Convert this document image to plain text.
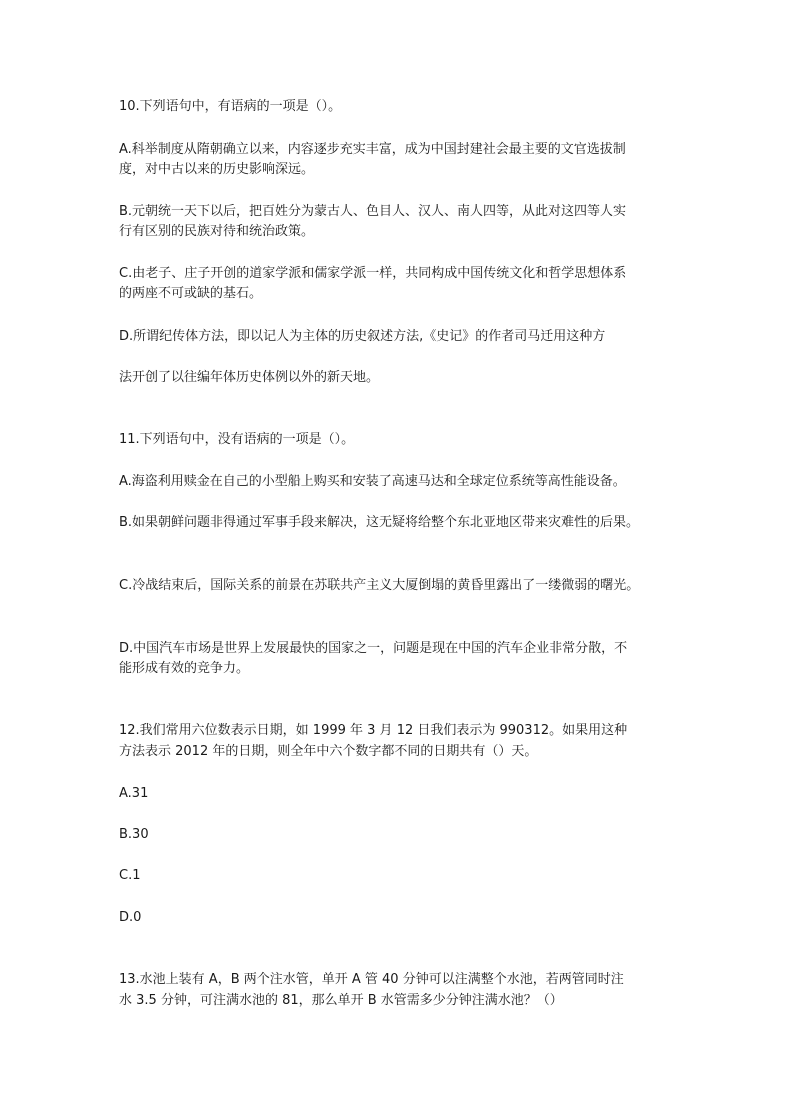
10.下列语句中，有语病的一项是（）。
A.科举制度从隋朝确立以来，内容逐步充实丰富，成为中国封建社会最主要的文官选拔制
度，对中古以来的历史影响深远。
B.元朝统一天下以后，把百姓分为蒙古人、色目人、汉人、南人四等，从此对这四等人实
行有区别的民族对待和统治政策。
C.由老子、庄子开创的道家学派和儒家学派一样，共同构成中国传统文化和哲学思想体系
的两座不可或缺的基石。
D.所谓纪传体方法，即以记人为主体的历史叙述方法,《史记》的作者司马迁用这种方
法开创了以往编年体历史体例以外的新天地。
11.下列语句中，没有语病的一项是（）。
A.海盗利用赎金在自己的小型船上购买和安装了高速马达和全球定位系统等高性能设备。
B.如果朝鲜问题非得通过军事手段来解决，这无疑将给整个东北亚地区带来灾难性的后果。
C.冷战结束后，国际关系的前景在苏联共产主义大厦倒塌的黄昏里露出了一缕微弱的曙光。
D.中国汽车市场是世界上发展最快的国家之一，问题是现在中国的汽车企业非常分散，不
能形成有效的竞争力。
12.我们常用六位数表示日期，如 1999 年 3 月 12 日我们表示为 990312。如果用这种
方法表示 2012 年的日期，则全年中六个数字都不同的日期共有（）天。
A.31
B.30
C.1
D.0
13.水池上装有 A，B 两个注水管，单开 A 管 40 分钟可以注满整个水池，若两管同时注
水 3.5 分钟，可注满水池的 81，那么单开 B 水管需多少分钟注满水池？（）
